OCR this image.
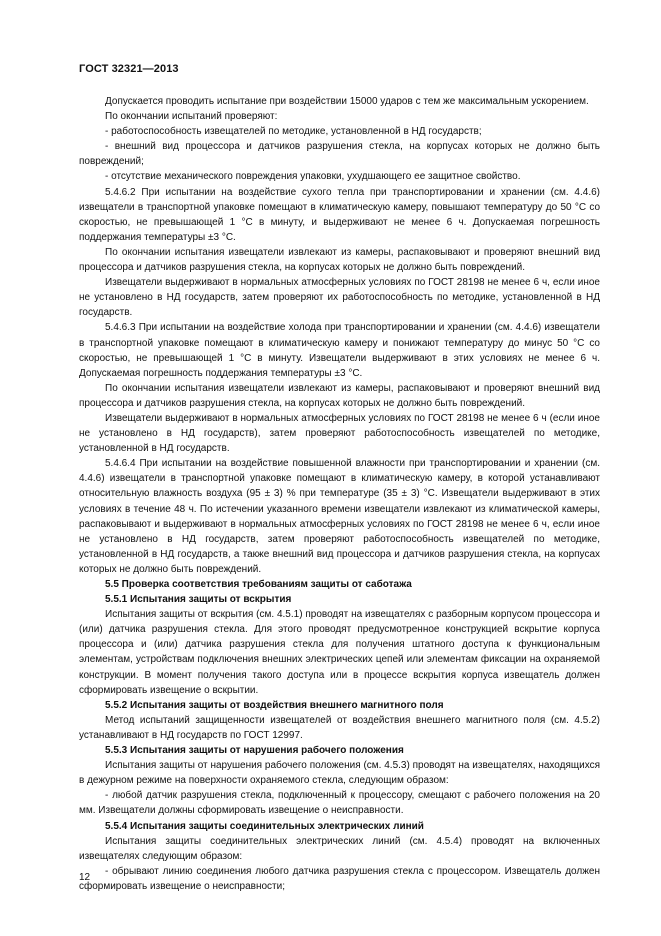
ГОСТ 32321—2013

Допускается проводить испытание при воздействии 15000 ударов с тем же максимальным ускорением.

По окончании испытаний проверяют:

- работоспособность извещателей по методике, установленной в НД государств;

- внешний вид процессора и датчиков разрушения стекла, на корпусах которых не должно быть повреждений;

- отсутствие механического повреждения упаковки, ухудшающего ее защитное свойство.

5.4.6.2 При испытании на воздействие сухого тепла при транспортировании и хранении (см. 4.4.6) извещатели в транспортной упаковке помещают в климатическую камеру, повышают температуру до 50 °С со скоростью, не превышающей 1 °С в минуту, и выдерживают не менее 6 ч. Допускаемая погрешность поддержания температуры ±3 °С.

По окончании испытания извещатели извлекают из камеры, распаковывают и проверяют внешний вид процессора и датчиков разрушения стекла, на корпусах которых не должно быть повреждений.

Извещатели выдерживают в нормальных атмосферных условиях по ГОСТ 28198 не менее 6 ч, если иное не установлено в НД государств, затем проверяют их работоспособность по методике, установленной в НД государств.

5.4.6.3 При испытании на воздействие холода при транспортировании и хранении (см. 4.4.6) извещатели в транспортной упаковке помещают в климатическую камеру и понижают температуру до минус 50 °С со скоростью, не превышающей 1 °С в минуту. Извещатели выдерживают в этих условиях не менее 6 ч. Допускаемая погрешность поддержания температуры ±3 °С.

По окончании испытания извещатели извлекают из камеры, распаковывают и проверяют внешний вид процессора и датчиков разрушения стекла, на корпусах которых не должно быть повреждений.

Извещатели выдерживают в нормальных атмосферных условиях по ГОСТ 28198 не менее 6 ч (если иное не установлено в НД государств), затем проверяют работоспособность извещателей по методике, установленной в НД государств.

5.4.6.4 При испытании на воздействие повышенной влажности при транспортировании и хранении (см. 4.4.6) извещатели в транспортной упаковке помещают в климатическую камеру, в которой устанавливают относительную влажность воздуха (95 ± 3) % при температуре (35 ± 3) °С. Извещатели выдерживают в этих условиях в течение 48 ч. По истечении указанного времени извещатели извлекают из климатической камеры, распаковывают и выдерживают в нормальных атмосферных условиях по ГОСТ 28198 не менее 6 ч, если иное не установлено в НД государств, затем проверяют работоспособность извещателей по методике, установленной в НД государств, а также внешний вид процессора и датчиков разрушения стекла, на корпусах которых не должно быть повреждений.

5.5 Проверка соответствия требованиям защиты от саботажа

5.5.1 Испытания защиты от вскрытия

Испытания защиты от вскрытия (см. 4.5.1) проводят на извещателях с разборным корпусом процессора и (или) датчика разрушения стекла. Для этого проводят предусмотренное конструкцией вскрытие корпуса процессора и (или) датчика разрушения стекла для получения штатного доступа к функциональным элементам, устройствам подключения внешних электрических цепей или элементам фиксации на охраняемой конструкции. В момент получения такого доступа или в процессе вскрытия корпуса извещатель должен сформировать извещение о вскрытии.

5.5.2 Испытания защиты от воздействия внешнего магнитного поля

Метод испытаний защищенности извещателей от воздействия внешнего магнитного поля (см. 4.5.2) устанавливают в НД государств по ГОСТ 12997.

5.5.3 Испытания защиты от нарушения рабочего положения

Испытания защиты от нарушения рабочего положения (см. 4.5.3) проводят на извещателях, находящихся в дежурном режиме на поверхности охраняемого стекла, следующим образом:

- любой датчик разрушения стекла, подключенный к процессору, смещают с рабочего положения на 20 мм. Извещатели должны сформировать извещение о неисправности.

5.5.4 Испытания защиты соединительных электрических линий

Испытания защиты соединительных электрических линий (см. 4.5.4) проводят на включенных извещателях следующим образом:

- обрывают линию соединения любого датчика разрушения стекла с процессором. Извещатель должен сформировать извещение о неисправности;

12
